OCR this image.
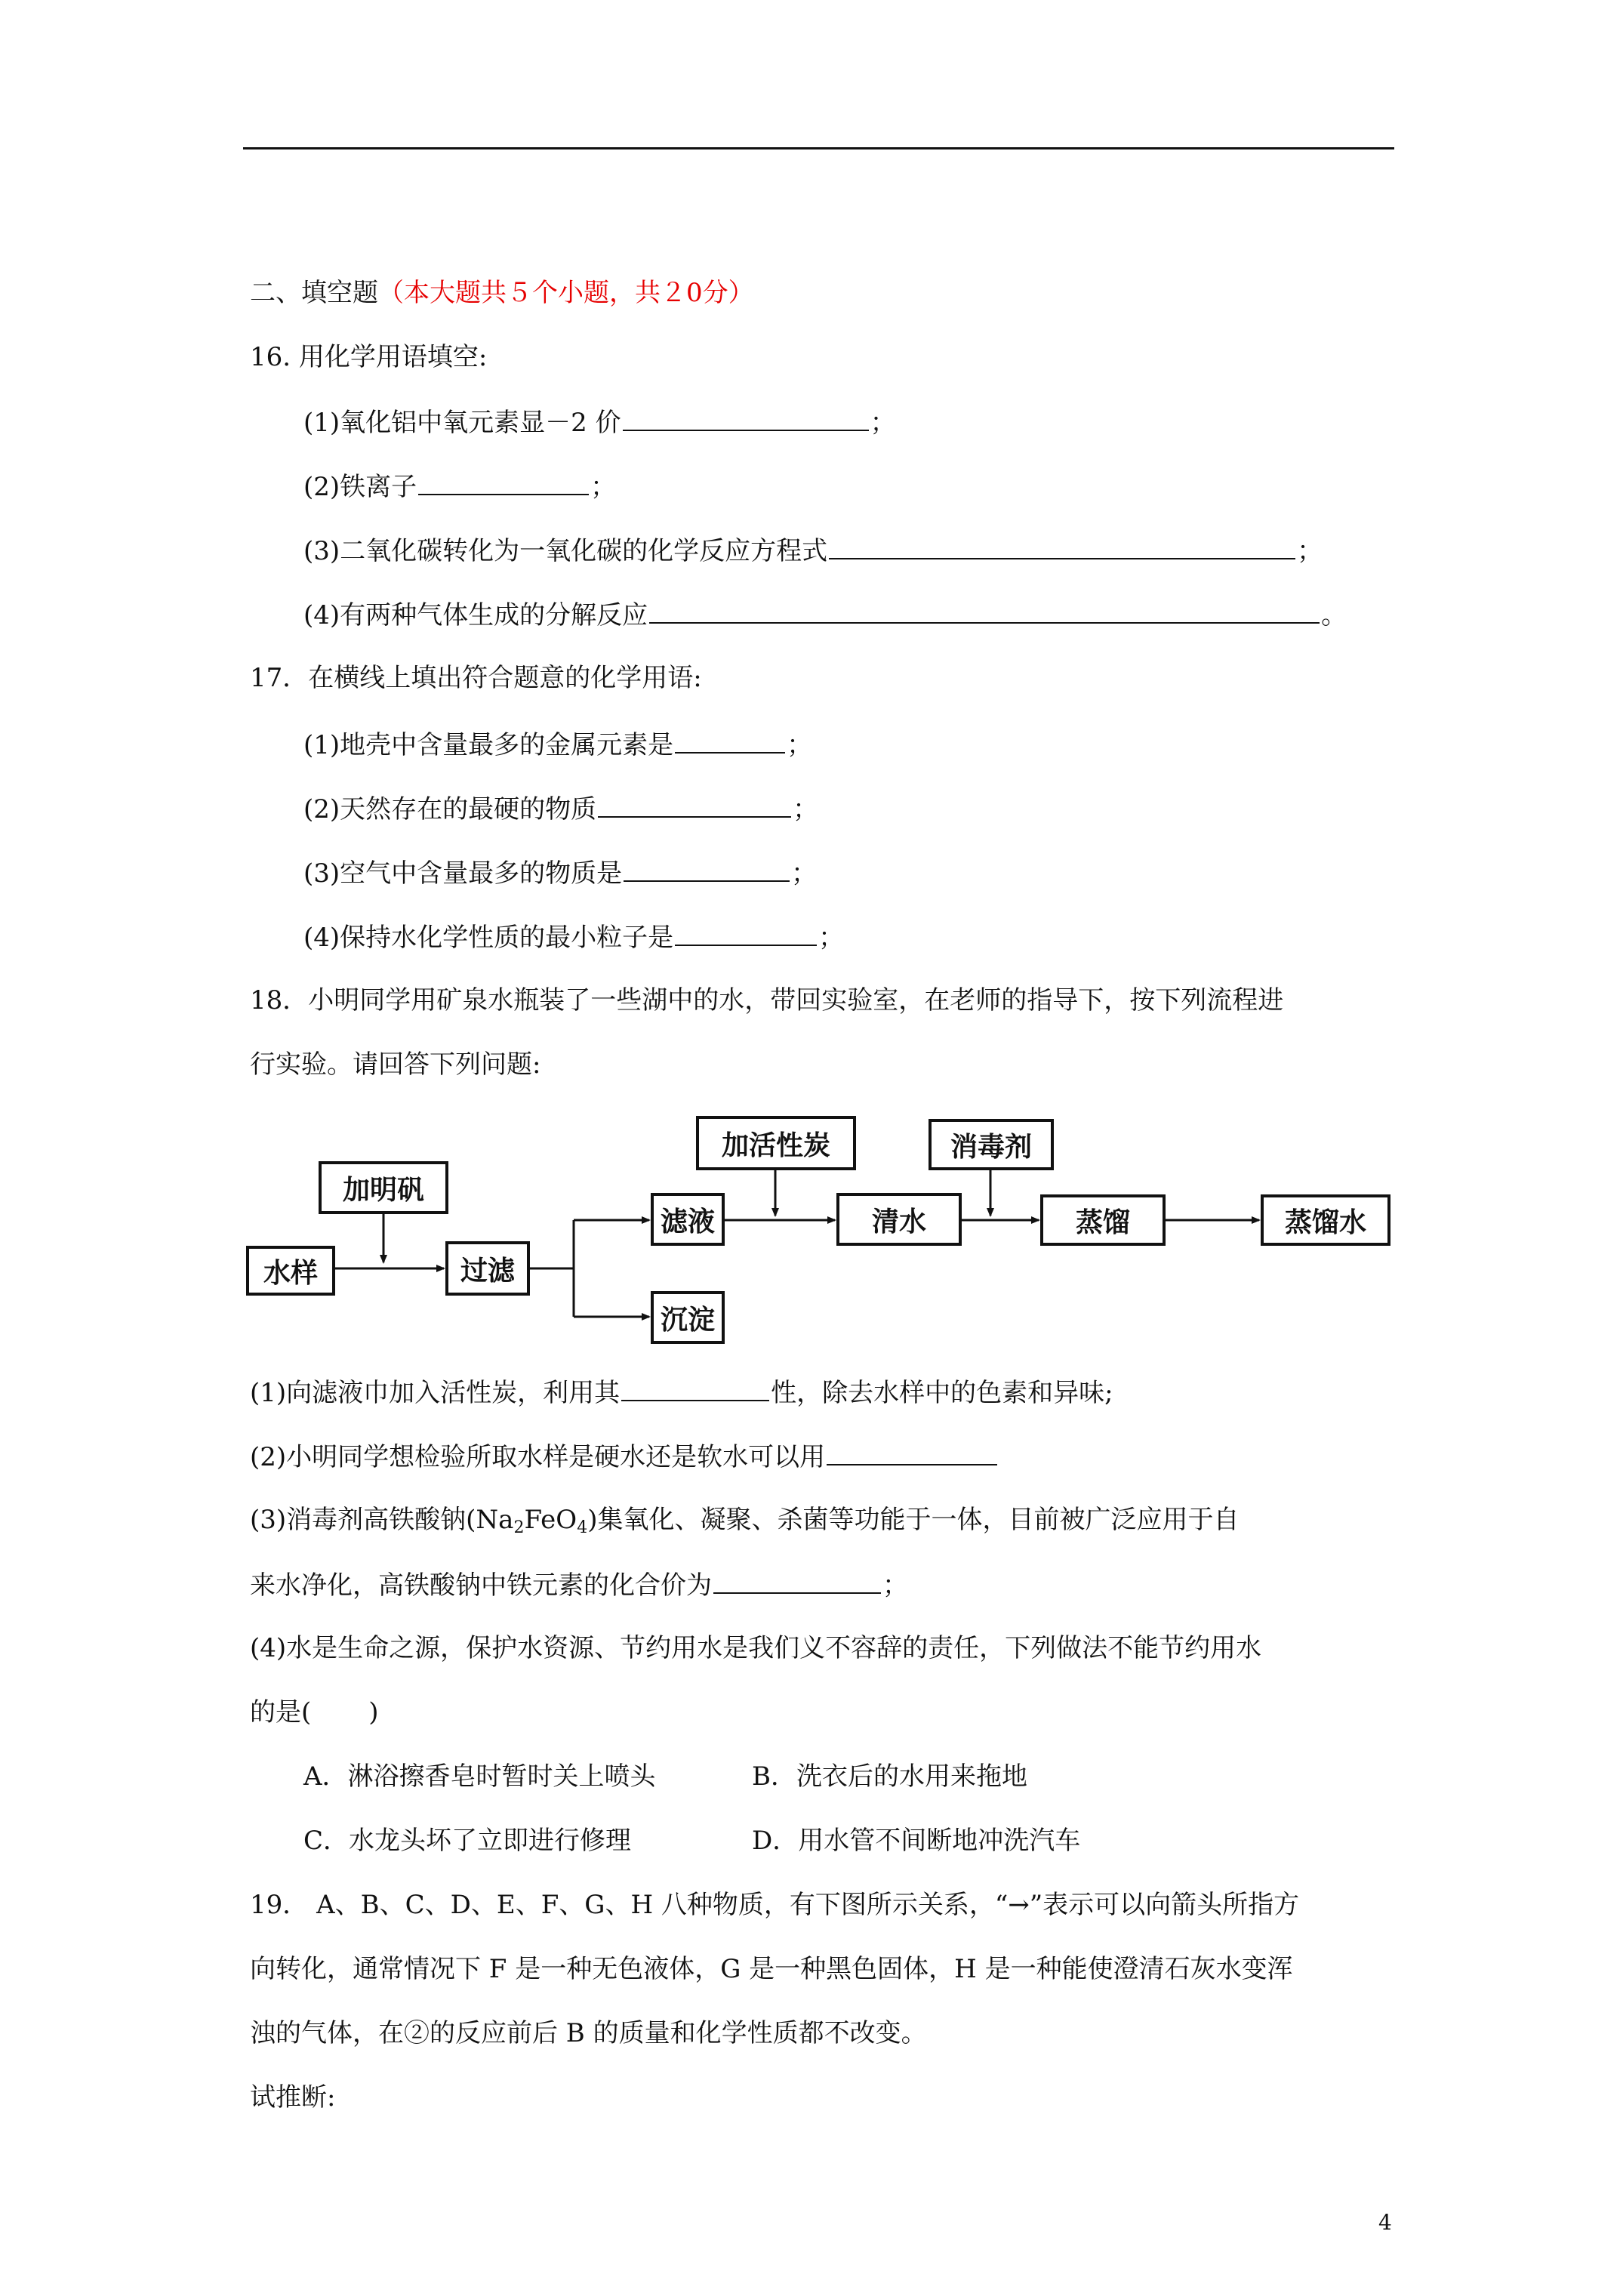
二、填空题（本大题共５个小题，共２0分）
16. 用化学用语填空:
(1)氧化铝中氧元素显－2 价	；
(2)铁离子	；
(3)二氧化碳转化为一氧化碳的化学反应方程式	；
(4)有两种气体生成的分解反应	。
17．在横线上填出符合题意的化学用语:
(1)地壳中含量最多的金属元素是	；
(2)天然存在的最硬的物质	；
(3)空气中含量最多的物质是	；
(4)保持水化学性质的最小粒子是	；
18．小明同学用矿泉水瓶装了一些湖中的水，带回实验室，在老师的指导下，按下列流程进
行实验。请回答下列问题:
水样
加明矾
过滤
滤液
沉淀
加活性炭
清水
消毒剂
蒸馏	蒸馏水
(1)向滤液巾加入活性炭，利用其	性，除去水样中的色素和异味;
(2)小明同学想检验所取水样是硬水还是软水可以用
(3)消毒剂高铁酸钠$(Na_2FeO_4)$集氧化、凝聚、杀菌等功能于一体，目前被广泛应用于自
来水净化，高铁酸钠中铁元素的化合价为	；
(4)水是生命之源，保护水资源、节约用水是我们义不容辞的责任，下列做法不能节约用水
的是( )
A．淋浴擦香皂时暂时关上喷头	B．洗衣后的水用来拖地
C．水龙头坏了立即进行修理	D．用水管不间断地冲洗汽车
19． A、B、C、D、E、F、G、H 八种物质，有下图所示关系，“→”表示可以向箭头所指方
向转化，通常情况下 F 是一种无色液体，G 是一种黑色固体，H 是一种能使澄清石灰水变浑
浊的气体，在②的反应前后 B 的质量和化学性质都不改变。
试推断:
4
